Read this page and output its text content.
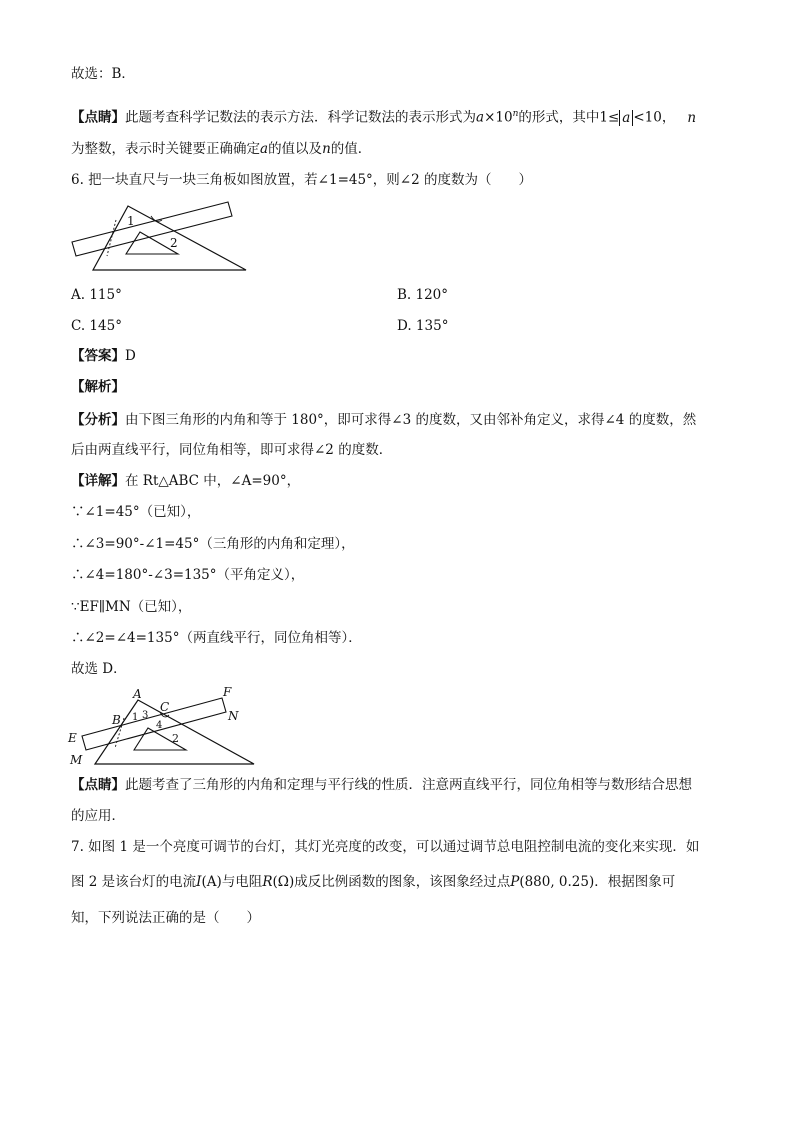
故选：B．
【点睛】此题考查科学记数法的表示方法．科学记数法的表示形式为$a\times 10^n$的形式，其中1≤ a <10， n
为整数，表示时关键要正确确定a的值以及n的值．
6. 把一块直尺与一块三角板如图放置，若∠1=45°，则∠2 的度数为（　　）
1
2
A. 115°	B. 120°
C. 145°	D. 135°
【答案】D
【解析】
【分析】由下图三角形的内角和等于 180°，即可求得∠3 的度数，又由邻补角定义，求得∠4 的度数，然
后由两直线平行，同位角相等，即可求得∠2 的度数．
【详解】在 Rt△ABC 中，∠A=90°，
∵∠1=45°（已知），
∴∠3=90°-∠1=45°（三角形的内角和定理），
∴∠4=180°-∠3=135°（平角定义），
∵EF∥MN（已知），
∴∠2=∠4=135°（两直线平行，同位角相等）．
故选 D．
A
B
C
E
F
M
N
1 3
4
2
【点睛】此题考查了三角形的内角和定理与平行线的性质．注意两直线平行，同位角相等与数形结合思想
的应用．
7. 如图 1 是一个亮度可调节的台灯，其灯光亮度的改变，可以通过调节总电阻控制电流的变化来实现．如
图 2 是该台灯的电流I(A)与电阻R(Ω)成反比例函数的图象，该图象经过点P(880, 0.25)．根据图象可
知，下列说法正确的是（　　）
